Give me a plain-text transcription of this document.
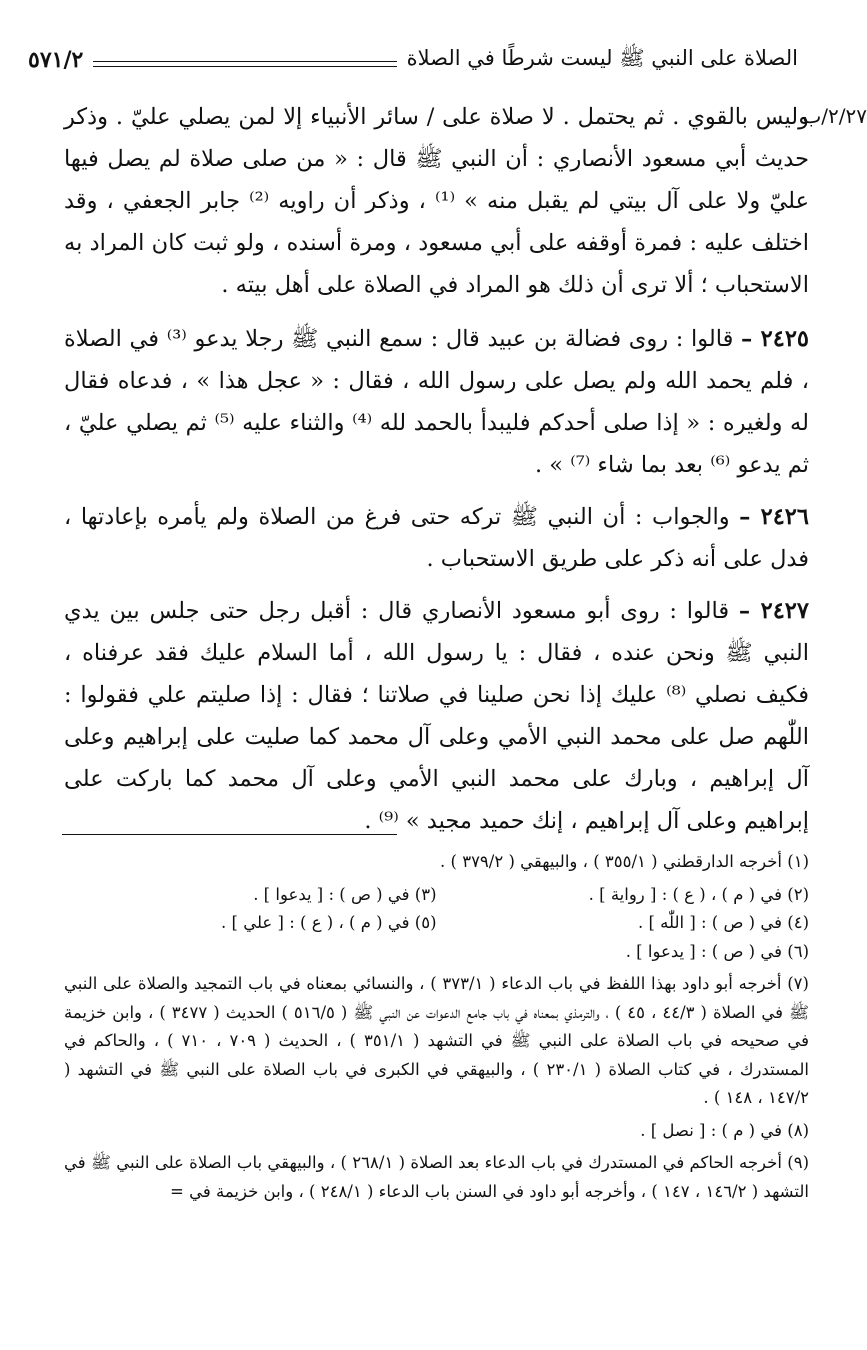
الصلاة على النبي ﷺ ليست شرطًا في الصلاة
٥٧١/٢
٢/٢٧/ب

وليس بالقوي . ثم يحتمل . لا صلاة على / سائر الأنبياء إلا لمن يصلي عليّ . وذكر حديث أبي مسعود الأنصاري : أن النبي ﷺ قال : « من صلى صلاة لم يصل فيها عليّ ولا على آل بيتي لم يقبل منه » ⁽¹⁾ ، وذكر أن راويه ⁽²⁾ جابر الجعفي ، وقد اختلف عليه : فمرة أوقفه على أبي مسعود ، ومرة أسنده ، ولو ثبت كان المراد به الاستحباب ؛ ألا ترى أن ذلك هو المراد في الصلاة على أهل بيته .

٢٤٢٥ – قالوا : روى فضالة بن عبيد قال : سمع النبي ﷺ رجلا يدعو ⁽³⁾ في الصلاة ، فلم يحمد الله ولم يصل على رسول الله ، فقال : « عجل هذا » ، فدعاه فقال له ولغيره : « إذا صلى أحدكم فليبدأ بالحمد لله ⁽⁴⁾ والثناء عليه ⁽⁵⁾ ثم يصلي عليّ ، ثم يدعو ⁽⁶⁾ بعد بما شاء ⁽⁷⁾ » .

٢٤٢٦ – والجواب : أن النبي ﷺ تركه حتى فرغ من الصلاة ولم يأمره بإعادتها ، فدل على أنه ذكر على طريق الاستحباب .

٢٤٢٧ – قالوا : روى أبو مسعود الأنصاري قال : أقبل رجل حتى جلس بين يدي النبي ﷺ ونحن عنده ، فقال : يا رسول الله ، أما السلام عليك فقد عرفناه ، فكيف نصلي ⁽⁸⁾ عليك إذا نحن صلينا في صلاتنا ؛ فقال : إذا صليتم علي فقولوا : اللّٰهم صل على محمد النبي الأمي وعلى آل محمد كما صليت على إبراهيم وعلى آل إبراهيم ، وبارك على محمد النبي الأمي وعلى آل محمد كما باركت على إبراهيم وعلى آل إبراهيم ، إنك حميد مجيد » ⁽⁹⁾ .

(١) أخرجه الدارقطني ( ٣٥٥/١ ) ، والبيهقي ( ٣٧٩/٢ ) .
(٢) في ( م ) ، ( ع ) : [ رواية ] .
(٣) في ( ص ) : [ يدعوا ] .
(٤) في ( ص ) : [ اللّٰه ] .
(٥) في ( م ) ، ( ع ) : [ علي ] .
(٦) في ( ص ) : [ يدعوا ] .
(٧) أخرجه أبو داود بهذا اللفظ في باب الدعاء ( ٣٧٣/١ ) ، والنسائي بمعناه في باب التمجيد والصلاة على النبي ﷺ في الصلاة ( ٤٤/٣ ، ٤٥ ) ، والترمذي بمعناه في باب جامع الدعوات عن النبي ﷺ ( ٥١٦/٥ ) الحديث ( ٣٤٧٧ ) ، وابن خزيمة في صحيحه في باب الصلاة على النبي ﷺ في التشهد ( ٣٥١/١ ) ، الحديث ( ٧٠٩ ، ٧١٠ ) ، والحاكم في المستدرك ، في كتاب الصلاة ( ٢٣٠/١ ) ، والبيهقي في الكبرى في باب الصلاة على النبي ﷺ في التشهد ( ١٤٧/٢ ، ١٤٨ ) .
(٨) في ( م ) : [ نصل ] .
(٩) أخرجه الحاكم في المستدرك في باب الدعاء بعد الصلاة ( ٢٦٨/١ ) ، والبيهقي باب الصلاة على النبي ﷺ في التشهد ( ١٤٦/٢ ، ١٤٧ ) ، وأخرجه أبو داود في السنن باب الدعاء ( ٢٤٨/١ ) ، وابن خزيمة في =
